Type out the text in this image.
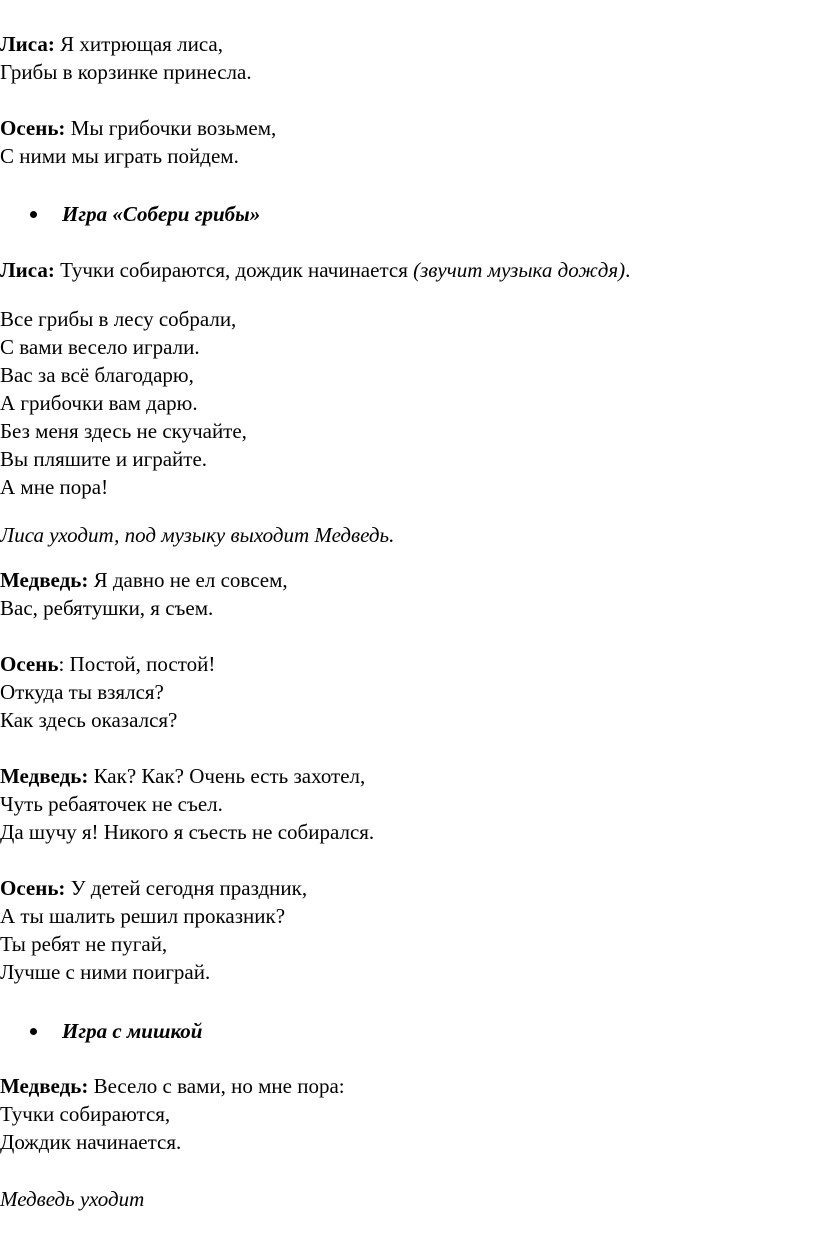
Лиса: Я хитрющая лиса,
Грибы в корзинке принесла.
Осень: Мы грибочки возьмем,
С ними мы играть пойдем.
Игра «Собери грибы»
Лиса: Тучки собираются, дождик начинается (звучит музыка дождя).
Все грибы в лесу собрали,
С вами весело играли.
Вас за всё благодарю,
А грибочки вам дарю.
Без меня здесь не скучайте,
Вы пляшите и играйте.
А мне пора!
Лиса уходит, под музыку выходит Медведь.
Медведь: Я давно не ел совсем,
Вас, ребятушки, я съем.
Осень: Постой, постой!
Откуда ты взялся?
Как здесь оказался?
Медведь: Как? Как? Очень есть захотел,
Чуть ребаяточек не съел.
Да шучу я! Никого я съесть не собирался.
Осень: У детей сегодня праздник,
А ты шалить решил проказник?
Ты ребят не пугай,
Лучше с ними поиграй.
Игра с мишкой
Медведь: Весело с вами, но мне пора:
Тучки собираются,
Дождик начинается.
Медведь уходит
